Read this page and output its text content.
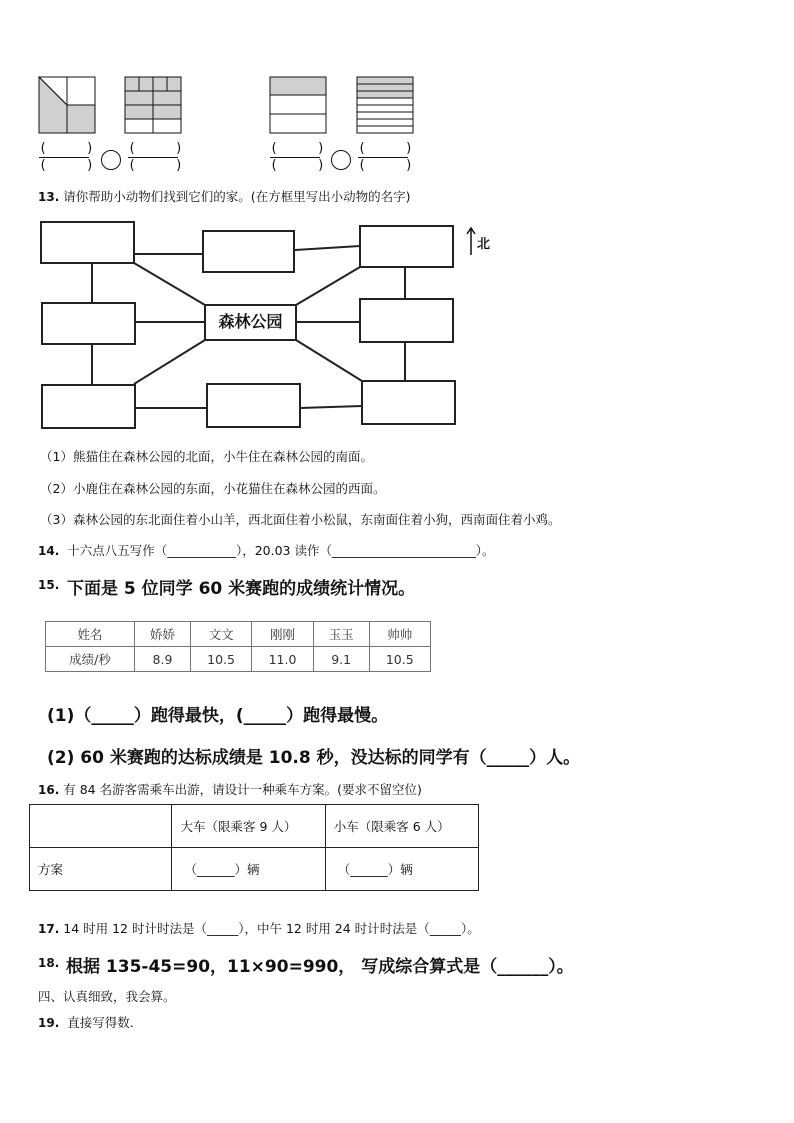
(	)
(	)
(	)
(	)
(	)
(	)
(	)
(	)
13. 请你帮助小动物们找到它们的家。(在方框里写出小动物的名字)
森林公园
北
（1）熊猫住在森林公园的北面，小牛住在森林公园的南面。
（2）小鹿住在森林公园的东面，小花猫住在森林公园的西面。
（3）森林公园的东北面住着小山羊，西北面住着小松鼠，东南面住着小狗，西南面住着小鸡。
14. 十六点八五写作（___________），20.03 读作（_______________________）。
15. 下面是 5 位同学 60 米赛跑的成绩统计情况。
姓名	娇娇	文文	刚刚	玉玉	帅帅
成绩/秒	8.9	10.5	11.0	9.1	10.5
(1)（_____）跑得最快，(_____）跑得最慢。
(2) 60 米赛跑的达标成绩是 10.8 秒，没达标的同学有（_____）人。
16. 有 84 名游客需乘车出游，请设计一种乘车方案。(要求不留空位)
	大车（限乘客 9 人）	小车（限乘客 6 人）
方案	（______）辆	（______）辆
17. 14 时用 12 时计时法是（_____），中午 12 时用 24 时计时法是（_____）。
18. 根据 135-45=90，11×90=990， 写成综合算式是（______）。
四、认真细致，我会算。
19. 直接写得数.
